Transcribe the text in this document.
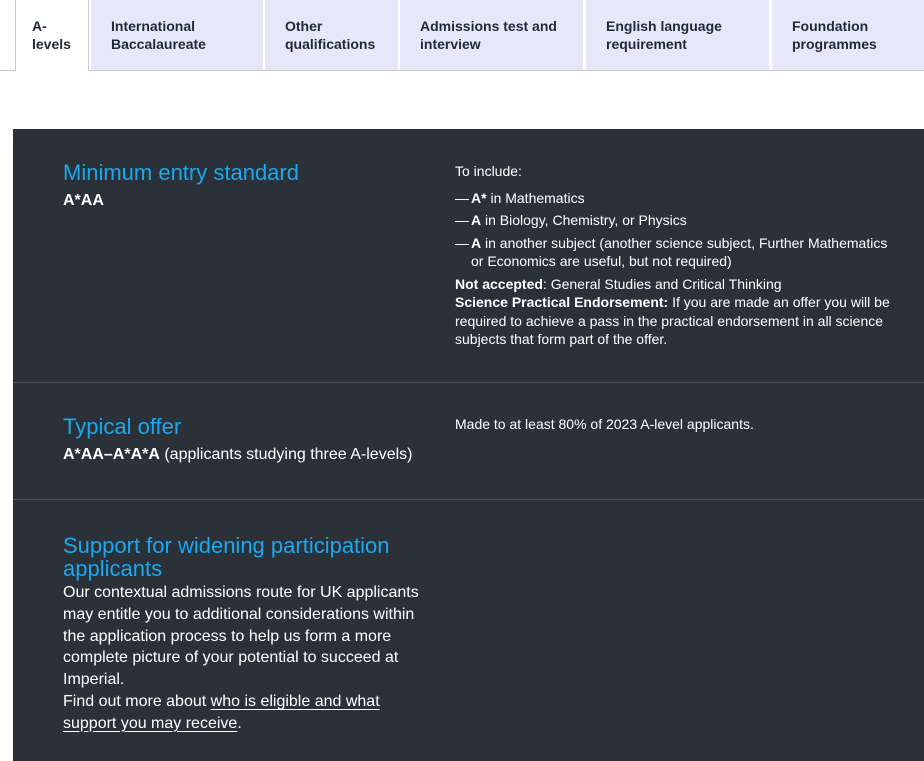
A-
levels
International
Baccalaureate
Other
qualifications
Admissions test and
interview
English language
requirement
Foundation
programmes
Minimum entry standard
A*AA
To include:
— A* in Mathematics
— A in Biology, Chemistry, or Physics
— A in another subject (another science subject, Further Mathematics or Economics are useful, but not required)
Not accepted: General Studies and Critical Thinking
Science Practical Endorsement: If you are made an offer you will be required to achieve a pass in the practical endorsement in all science subjects that form part of the offer.
Typical offer
A*AA–A*A*A (applicants studying three A-levels)
Made to at least 80% of 2023 A-level applicants.
Support for widening participation applicants

Our contextual admissions route for UK applicants may entitle you to additional considerations within the application process to help us form a more complete picture of your potential to succeed at Imperial.

Find out more about who is eligible and what support you may receive.
